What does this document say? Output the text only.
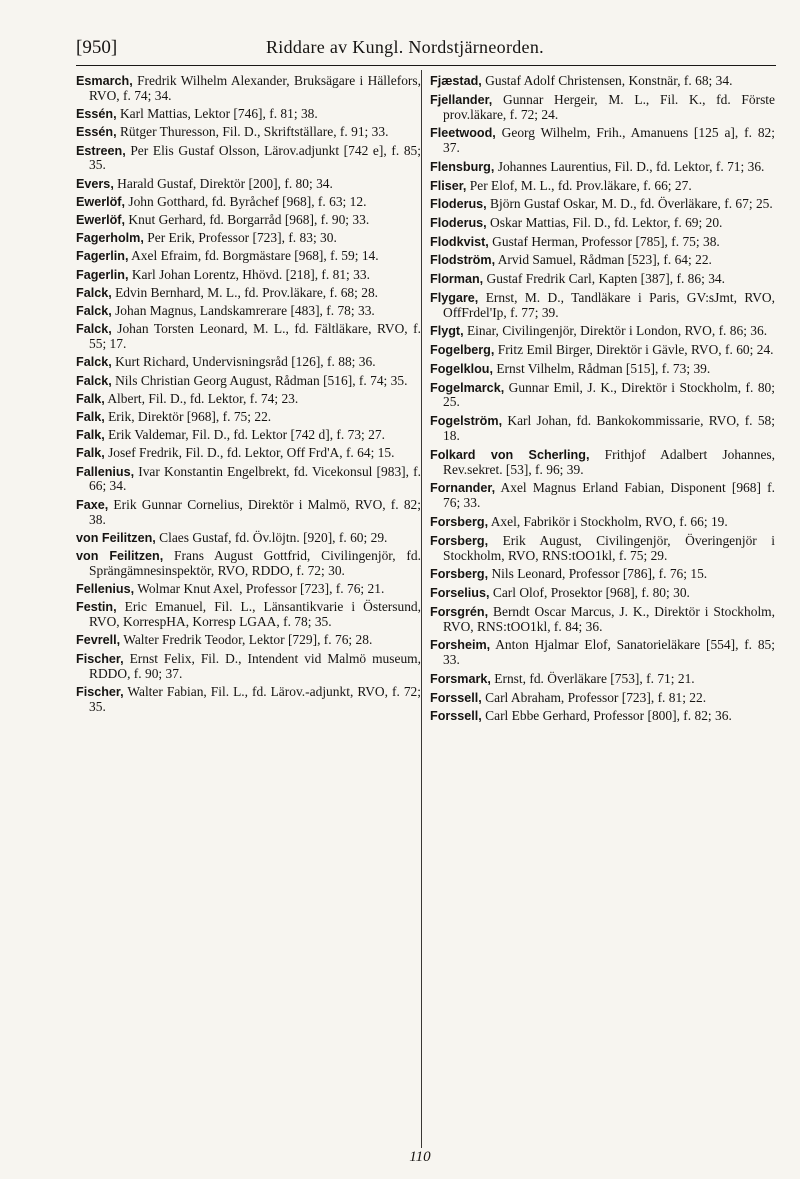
[950]	Riddare av Kungl. Nordstjärneorden.

Esmarch, Fredrik Wilhelm Alexander, Bruksägare i Hällefors, RVO, f. 74; 34.

Essén, Karl Mattias, Lektor [746], f. 81; 38.

Essén, Rütger Thuresson, Fil. D., Skriftställare, f. 91; 33.

Estreen, Per Elis Gustaf Olsson, Lärov.adjunkt [742 e], f. 85; 35.

Evers, Harald Gustaf, Direktör [200], f. 80; 34.

Ewerlöf, John Gotthard, fd. Byråchef [968], f. 63; 12.

Ewerlöf, Knut Gerhard, fd. Borgarråd [968], f. 90; 33.

Fagerholm, Per Erik, Professor [723], f. 83; 30.

Fagerlin, Axel Efraim, fd. Borgmästare [968], f. 59; 14.

Fagerlin, Karl Johan Lorentz, Hhövd. [218], f. 81; 33.

Falck, Edvin Bernhard, M. L., fd. Prov.läkare, f. 68; 28.

Falck, Johan Magnus, Landskamrerare [483], f. 78; 33.

Falck, Johan Torsten Leonard, M. L., fd. Fältläkare, RVO, f. 55; 17.

Falck, Kurt Richard, Undervisningsråd [126], f. 88; 36.

Falck, Nils Christian Georg August, Rådman [516], f. 74; 35.

Falk, Albert, Fil. D., fd. Lektor, f. 74; 23.

Falk, Erik, Direktör [968], f. 75; 22.

Falk, Erik Valdemar, Fil. D., fd. Lektor [742 d], f. 73; 27.

Falk, Josef Fredrik, Fil. D., fd. Lektor, Off Frd'A, f. 64; 15.

Fallenius, Ivar Konstantin Engelbrekt, fd. Vicekonsul [983], f. 66; 34.

Faxe, Erik Gunnar Cornelius, Direktör i Malmö, RVO, f. 82; 38.

von Feilitzen, Claes Gustaf, fd. Öv.löjtn. [920], f. 60; 29.

von Feilitzen, Frans August Gottfrid, Civilingenjör, fd. Sprängämnesinspektör, RVO, RDDO, f. 72; 30.

Fellenius, Wolmar Knut Axel, Professor [723], f. 76; 21.

Festin, Eric Emanuel, Fil. L., Länsantikvarie i Östersund, RVO, KorrespHA, Korresp LGAA, f. 78; 35.

Fevrell, Walter Fredrik Teodor, Lektor [729], f. 76; 28.

Fischer, Ernst Felix, Fil. D., Intendent vid Malmö museum, RDDO, f. 90; 37.

Fischer, Walter Fabian, Fil. L., fd. Lärov.-adjunkt, RVO, f. 72; 35.

Fjæstad, Gustaf Adolf Christensen, Konstnär, f. 68; 34.

Fjellander, Gunnar Hergeir, M. L., Fil. K., fd. Förste prov.läkare, f. 72; 24.

Fleetwood, Georg Wilhelm, Frih., Amanuens [125 a], f. 82; 37.

Flensburg, Johannes Laurentius, Fil. D., fd. Lektor, f. 71; 36.

Fliser, Per Elof, M. L., fd. Prov.läkare, f. 66; 27.

Floderus, Björn Gustaf Oskar, M. D., fd. Överläkare, f. 67; 25.

Floderus, Oskar Mattias, Fil. D., fd. Lektor, f. 69; 20.

Flodkvist, Gustaf Herman, Professor [785], f. 75; 38.

Flodström, Arvid Samuel, Rådman [523], f. 64; 22.

Florman, Gustaf Fredrik Carl, Kapten [387], f. 86; 34.

Flygare, Ernst, M. D., Tandläkare i Paris, GV:sJmt, RVO, OffFrdel'Ip, f. 77; 39.

Flygt, Einar, Civilingenjör, Direktör i London, RVO, f. 86; 36.

Fogelberg, Fritz Emil Birger, Direktör i Gävle, RVO, f. 60; 24.

Fogelklou, Ernst Vilhelm, Rådman [515], f. 73; 39.

Fogelmarck, Gunnar Emil, J. K., Direktör i Stockholm, f. 80; 25.

Fogelström, Karl Johan, fd. Bankokommissarie, RVO, f. 58; 18.

Folkard von Scherling, Frithjof Adalbert Johannes, Rev.sekret. [53], f. 96; 39.

Fornander, Axel Magnus Erland Fabian, Disponent [968] f. 76; 33.

Forsberg, Axel, Fabrikör i Stockholm, RVO, f. 66; 19.

Forsberg, Erik August, Civilingenjör, Överingenjör i Stockholm, RVO, RNS:tOO1kl, f. 75; 29.

Forsberg, Nils Leonard, Professor [786], f. 76; 15.

Forselius, Carl Olof, Prosektor [968], f. 80; 30.

Forsgrén, Berndt Oscar Marcus, J. K., Direktör i Stockholm, RVO, RNS:tOO1kl, f. 84; 36.

Forsheim, Anton Hjalmar Elof, Sanatorieläkare [554], f. 85; 33.

Forsmark, Ernst, fd. Överläkare [753], f. 71; 21.

Forssell, Carl Abraham, Professor [723], f. 81; 22.

Forssell, Carl Ebbe Gerhard, Professor [800], f. 82; 36.

110
